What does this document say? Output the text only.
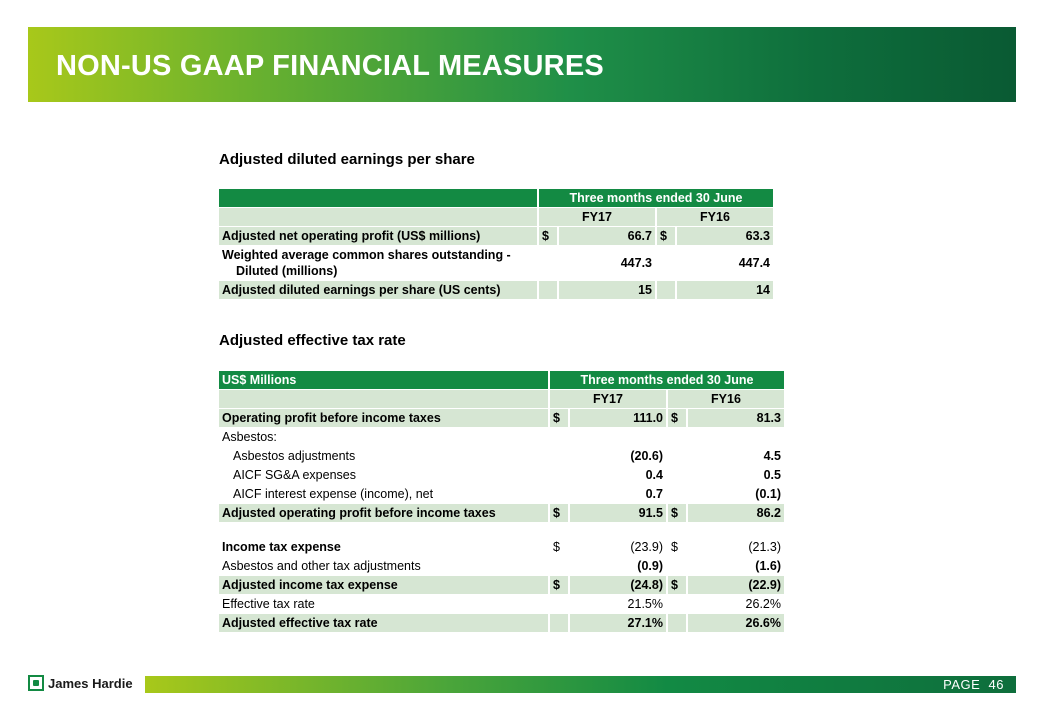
NON-US GAAP FINANCIAL MEASURES
Adjusted diluted earnings per share
	Three months ended 30 June			
	FY17		FY16	
Adjusted net operating profit (US$ millions)	$	66.7	$	63.3

Weighted average common shares outstanding -
Diluted (millions)		447.3		447.4
Adjusted diluted earnings per share (US cents)		15		14
Adjusted effective tax rate
US$ Millions	Three months ended 30 June			
	FY17		FY16	
Operating profit before income taxes	$	111.0	$	81.3
Asbestos:				
Asbestos adjustments		(20.6)		4.5
AICF SG&A expenses		0.4		0.5
AICF interest expense (income), net		0.7		(0.1)
Adjusted operating profit before income taxes	$	91.5	$	86.2

Income tax expense	$	(23.9)	$	(21.3)
Asbestos and other tax adjustments		(0.9)		(1.6)
Adjusted income tax expense	$	(24.8)	$	(22.9)
Effective tax rate		21.5%		26.2%
Adjusted effective tax rate		27.1%		26.6%
James Hardie	PAGE 46
